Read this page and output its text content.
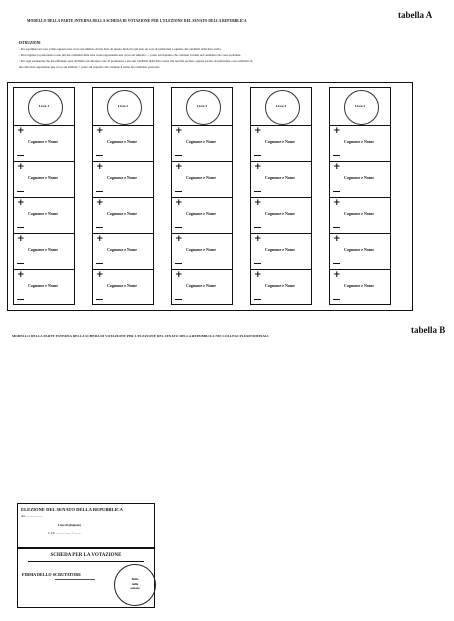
tabella A
MODELLO DELLA PARTE INTERNA DELLA SCHEDA DI VOTAZIONE PER L'ELEZIONE DEL SENATO DELLA REPUBBLICA
ISTRUZIONI
- Per esprimere un voto valido apporre una croce sul simbolo di una lista. In questo modo ha già dato un voto di preferenza a ognuno dei candidati della lista scelta.
- Puoi togliere la preferenza a uno più dei candidati della lista votata apponendo una croce sul simbolo — posto sul riquadro che contiene il nome del candidato che vuoi escludere.
- Per ogni esclusione che hai effettuato puoi attribuire un ulteriore voto di preferenza a uno dei candidati della lista votata che non hai escluso, oppure ad uno di preferenza o un candidato in
una altra lista apponendo una croce sul simbolo + posto sul riquadro che contiene il nome del candidato prescelto.
Lista 1
+
Cognome e Nome
+
Cognome e Nome
+
Cognome e Nome
+
Cognome e Nome
+
Cognome e Nome
Lista 2
+
Cognome e Nome
+
Cognome e Nome
+
Cognome e Nome
+
Cognome e Nome
+
Cognome e Nome
Lista 3
+
Cognome e Nome
+
Cognome e Nome
+
Cognome e Nome
+
Cognome e Nome
+
Cognome e Nome
Lista 4
+
Cognome e Nome
+
Cognome e Nome
+
Cognome e Nome
+
Cognome e Nome
+
Cognome e Nome
Lista 5
+
Cognome e Nome
+
Cognome e Nome
+
Cognome e Nome
+
Cognome e Nome
+
Cognome e Nome
tabella B
MODELLO DELLA PARTE ESTERNA DELLA SCHEDA DI VOTAZIONE PER L'ELEZIONE DEL SENATO DELLA REPUBBLICA NEI COLLEGI PLURINOMINALI
ELEZIONE DEL SENATO DELLA REPUBBLICA
del ......................
Lista di (Regione)
C.S.P. ......... / ........ / ..........
SCHEDA PER LA VOTAZIONE
FIRMA DELLO SCRUTATORE
Bollo
della
sezione
